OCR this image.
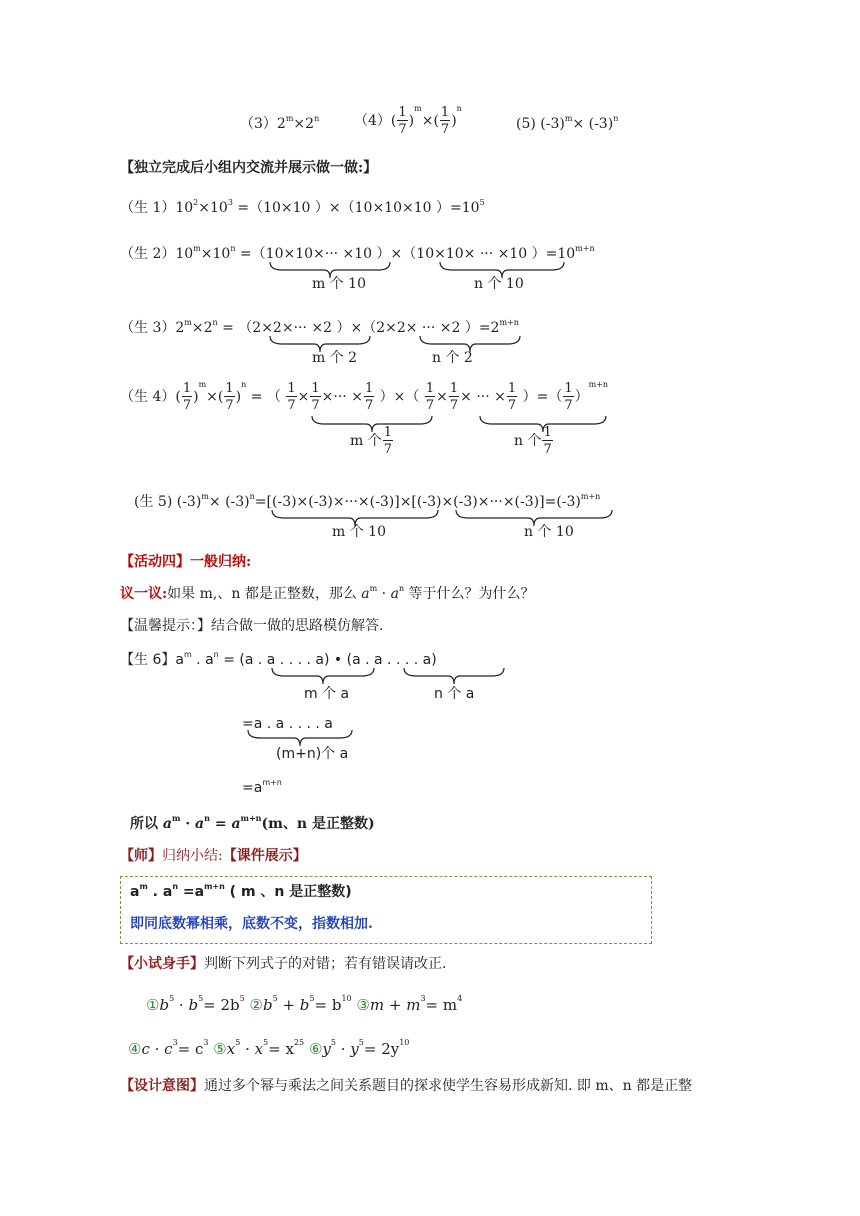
$(3)2^m\times 2^n$ $(4)( \frac{1}{7} )^m\times( \frac{1}{7} )^n$
(5) $(-3)^m\times (-3)^n$
【独立完成后小组内交流并展示做一做:】
（生 $1)10^2\times 10^3 =(10\times 10$ ）×（10×10×10 ）$=10^5$
（生 $2)10^m\times 10^n =(10\times 10\times\cdot\cdot\cdot \times 10$ ）×（10×10× ··· ×10 ）$=10^{m+n}$
m 个 10	n 个 10
（生 $3)2^m\times 2^n = (2\times 2\times\cdot\cdot\cdot \times 2$ ）×（2×2× ··· ×2 ）$=2^{m+n}$
m 个 2	n 个 2
（生 $4)( \frac{1}{7} )^m\times( \frac{1}{7} )^n$ = （ $\frac{1}{7} \times \frac{1}{7}$ ×··· × $\frac{1}{7}$ ）×（ $\frac{1}{7} \times \frac{1}{7}$ × ··· × $\frac{1}{7}$ ）=（ $\frac{1}{7} )^{m+n}$
m 个 $\frac{1}{7}$	n 个 $\frac{1}{7}$
(生 5) $(-3)^m\times (-3)^n=[(-3)\times(-3)\times\cdot\cdot\cdot\times(-3)]\times[(-3)\times(-3)\times\cdot\cdot\cdot\times(-3)]=(-3)^{m+n}$
m 个 10	n 个 10
【活动四】一般归纳:
议一议:如果 m,、n 都是正整数，那么 $a^m \cdot a^n$ 等于什么？为什么？
【温馨提示：】结合做一做的思路模仿解答.
【生 6】$a^m$ . $a^n = (a$ . a . . . . a) • (a . a . . . . a)
m 个 a	n 个 a
=a . a . . . . a
(m+n)个 a
$=a^{m+n}$
所以 $a^m \cdot a^n = a^{m+n}(m$、n 是正整数)
【师】归纳小结:【课件展示】
$a^m$ . $a^n =a^{m+n}$ ( m 、n 是正整数)
即同底数幂相乘，底数不变，指数相加.
【小试身手】判断下列式子的对错；若有错误请改正.
$①b^5 \cdot b^5= 2b^5$ $②b^5 + b^5= b^{10}$ ③m + $m^3= m^4$
④c · $c^3= c^3$ $⑤x^5 \cdot x^5= x^{25}$ $⑥y^5 \cdot y^5= 2y^{10}$
【设计意图】通过多个幂与乘法之间关系题目的探求使学生容易形成新知. 即 m、n 都是正整
